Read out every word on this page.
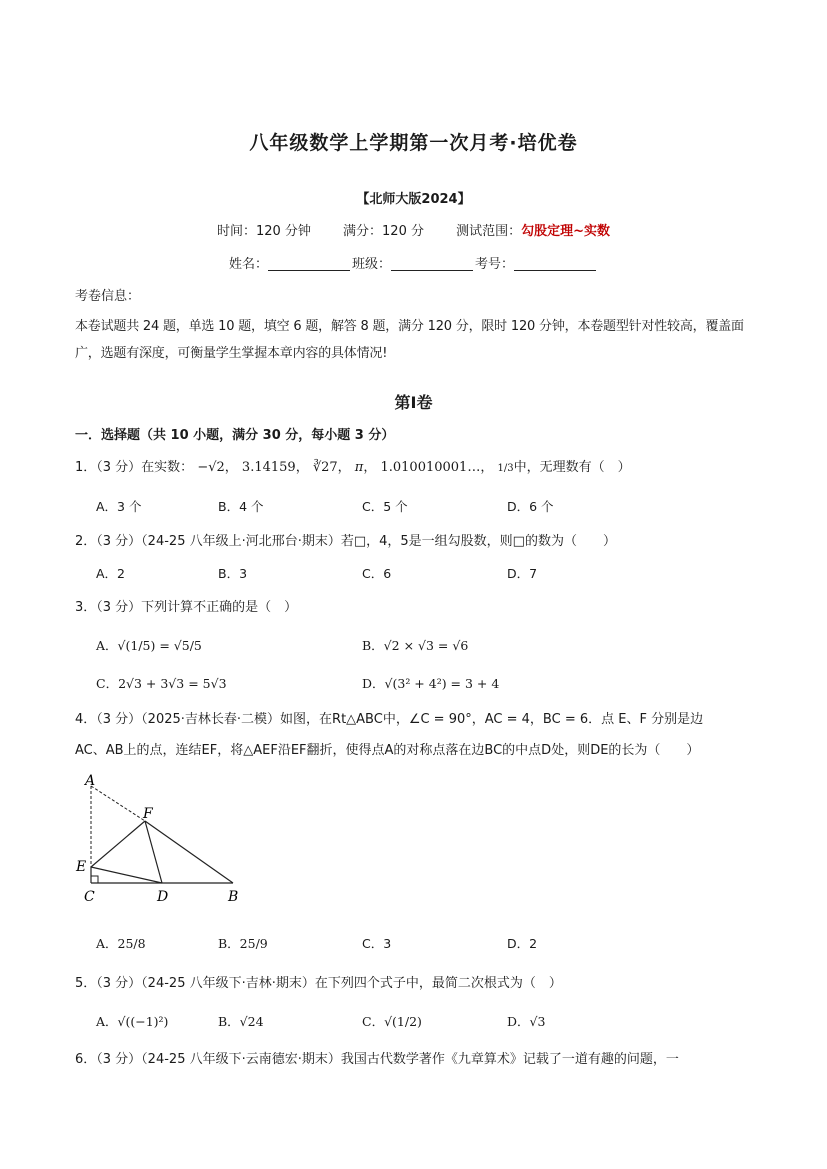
八年级数学上学期第一次月考·培优卷
【北师大版2024】
时间：120 分钟 满分：120 分 测试范围：勾股定理~实数
姓名：	班级：	考号：
考卷信息：
本卷试题共 24 题，单选 10 题，填空 6 题，解答 8 题，满分 120 分，限时 120 分钟，本卷题型针对性较高，覆盖面广，选题有深度，可衡量学生掌握本章内容的具体情况!
第I卷
一．选择题（共 10 小题，满分 30 分，每小题 3 分）
1．（3 分）在实数： −√2， 3.14159， ∛27， π， 1.010010001…， 1/3中，无理数有（　）
A．3 个	B．4 个	C．5 个	D．6 个
2．（3 分）（24-25 八年级上·河北邢台·期末）若□，4，5是一组勾股数，则□的数为（　　）
A．2	B．3	C．6	D．7
3．（3 分）下列计算不正确的是（　）
A．√(1/5) = √5/5	B．√2 × √3 = √6
C．2√3 + 3√3 = 5√3	D．√(3² + 4²) = 3 + 4
4．（3 分）（2025·吉林长春·二模）如图，在Rt△ABC中，∠C = 90°，AC = 4，BC = 6．点 E、F 分别是边
AC、AB上的点，连结EF，将△AEF沿EF翻折，使得点A的对称点落在边BC的中点D处，则DE的长为（　　）
A
F
E
C	D	B
A．25/8	B．25/9	C．3	D．2
5．（3 分）（24-25 八年级下·吉林·期末）在下列四个式子中，最简二次根式为（　）
A．√((−1)²)	B．√24	C．√(1/2)	D．√3
6．（3 分）（24-25 八年级下·云南德宏·期末）我国古代数学著作《九章算术》记载了一道有趣的问题，一
